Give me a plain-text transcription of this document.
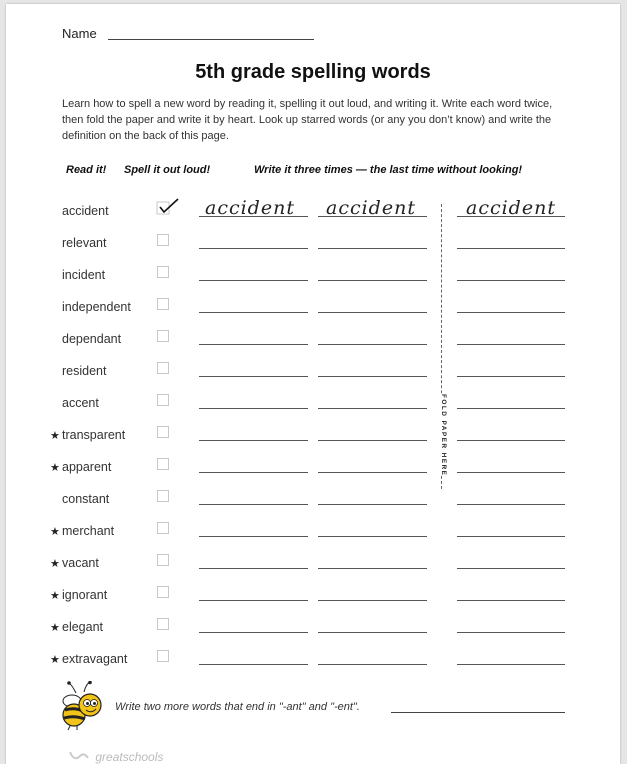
Name
5th grade spelling words
Learn how to spell a new word by reading it, spelling it out loud, and writing it. Write each word twice, then fold the paper and write it by heart. Look up starred words (or any you don’t know) and write the definition on the back of this page.
Read it! Spell it out loud!	Write it three times — the last time without looking!
accident
relevant
incident
independent
dependant
resident
accent
★ transparent
★ apparent
constant
★ merchant
★ vacant
★ ignorant
★ elegant
★ extravagant
accident accident	accident
FOLD PAPER HERE
Write two more words that end in "-ant" and "-ent".
greatschools
